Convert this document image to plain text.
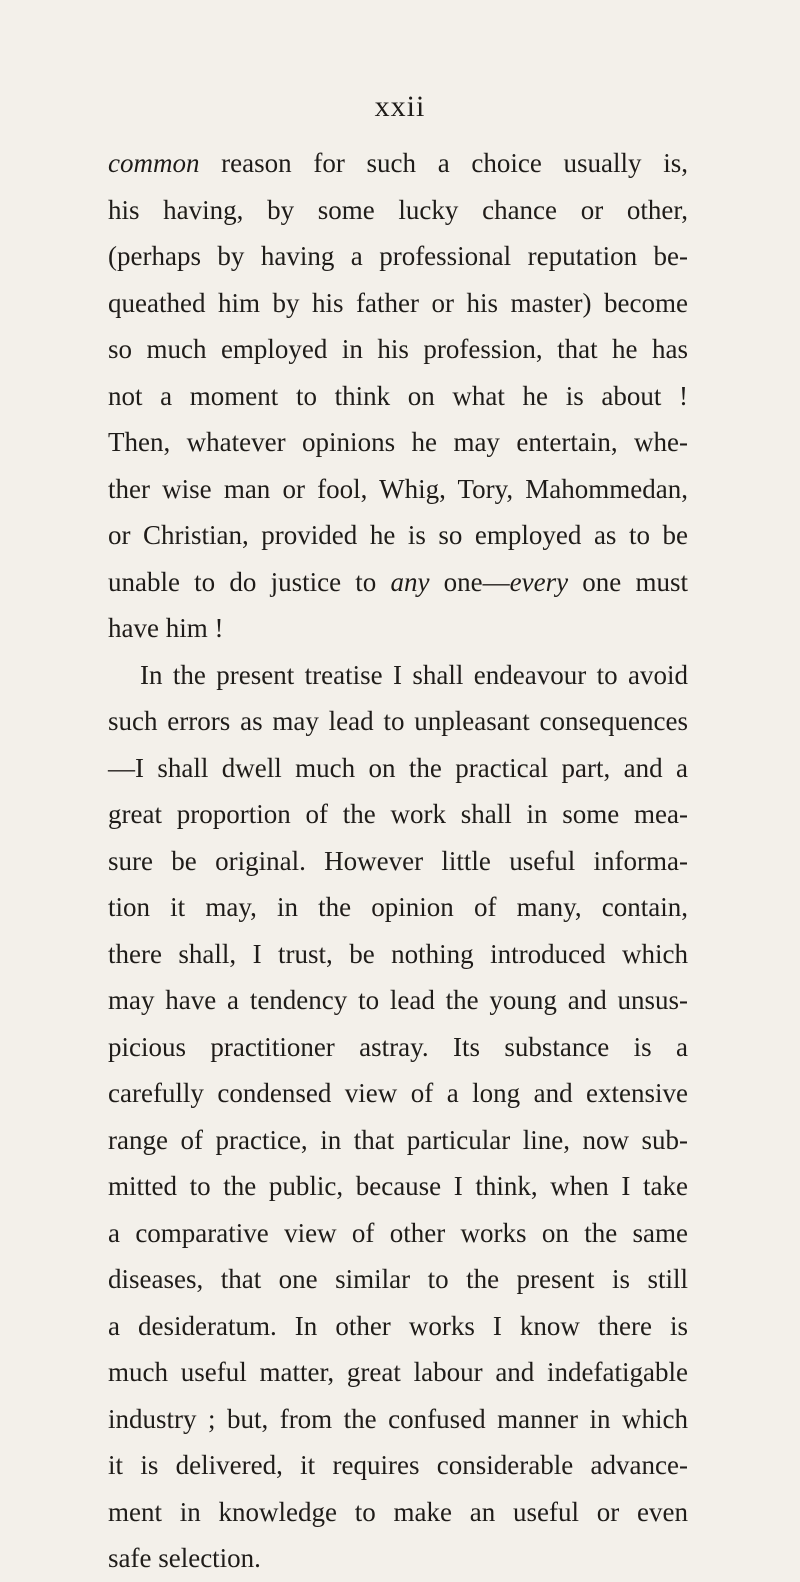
xxii
common reason for such a choice usually is,
his having, by some lucky chance or other,
(perhaps by having a professional reputation be-
queathed him by his father or his master) become
so much employed in his profession, that he has
not a moment to think on what he is about !
Then, whatever opinions he may entertain, whe-
ther wise man or fool, Whig, Tory, Mahommedan,
or Christian, provided he is so employed as to be
unable to do justice to any one—every one must
have him !
In the present treatise I shall endeavour to avoid
such errors as may lead to unpleasant consequences
—I shall dwell much on the practical part, and a
great proportion of the work shall in some mea-
sure be original. However little useful informa-
tion it may, in the opinion of many, contain,
there shall, I trust, be nothing introduced which
may have a tendency to lead the young and unsus-
picious practitioner astray. Its substance is a
carefully condensed view of a long and extensive
range of practice, in that particular line, now sub-
mitted to the public, because I think, when I take
a comparative view of other works on the same
diseases, that one similar to the present is still
a desideratum. In other works I know there is
much useful matter, great labour and indefatigable
industry ; but, from the confused manner in which
it is delivered, it requires considerable advance-
ment in knowledge to make an useful or even
safe selection.
